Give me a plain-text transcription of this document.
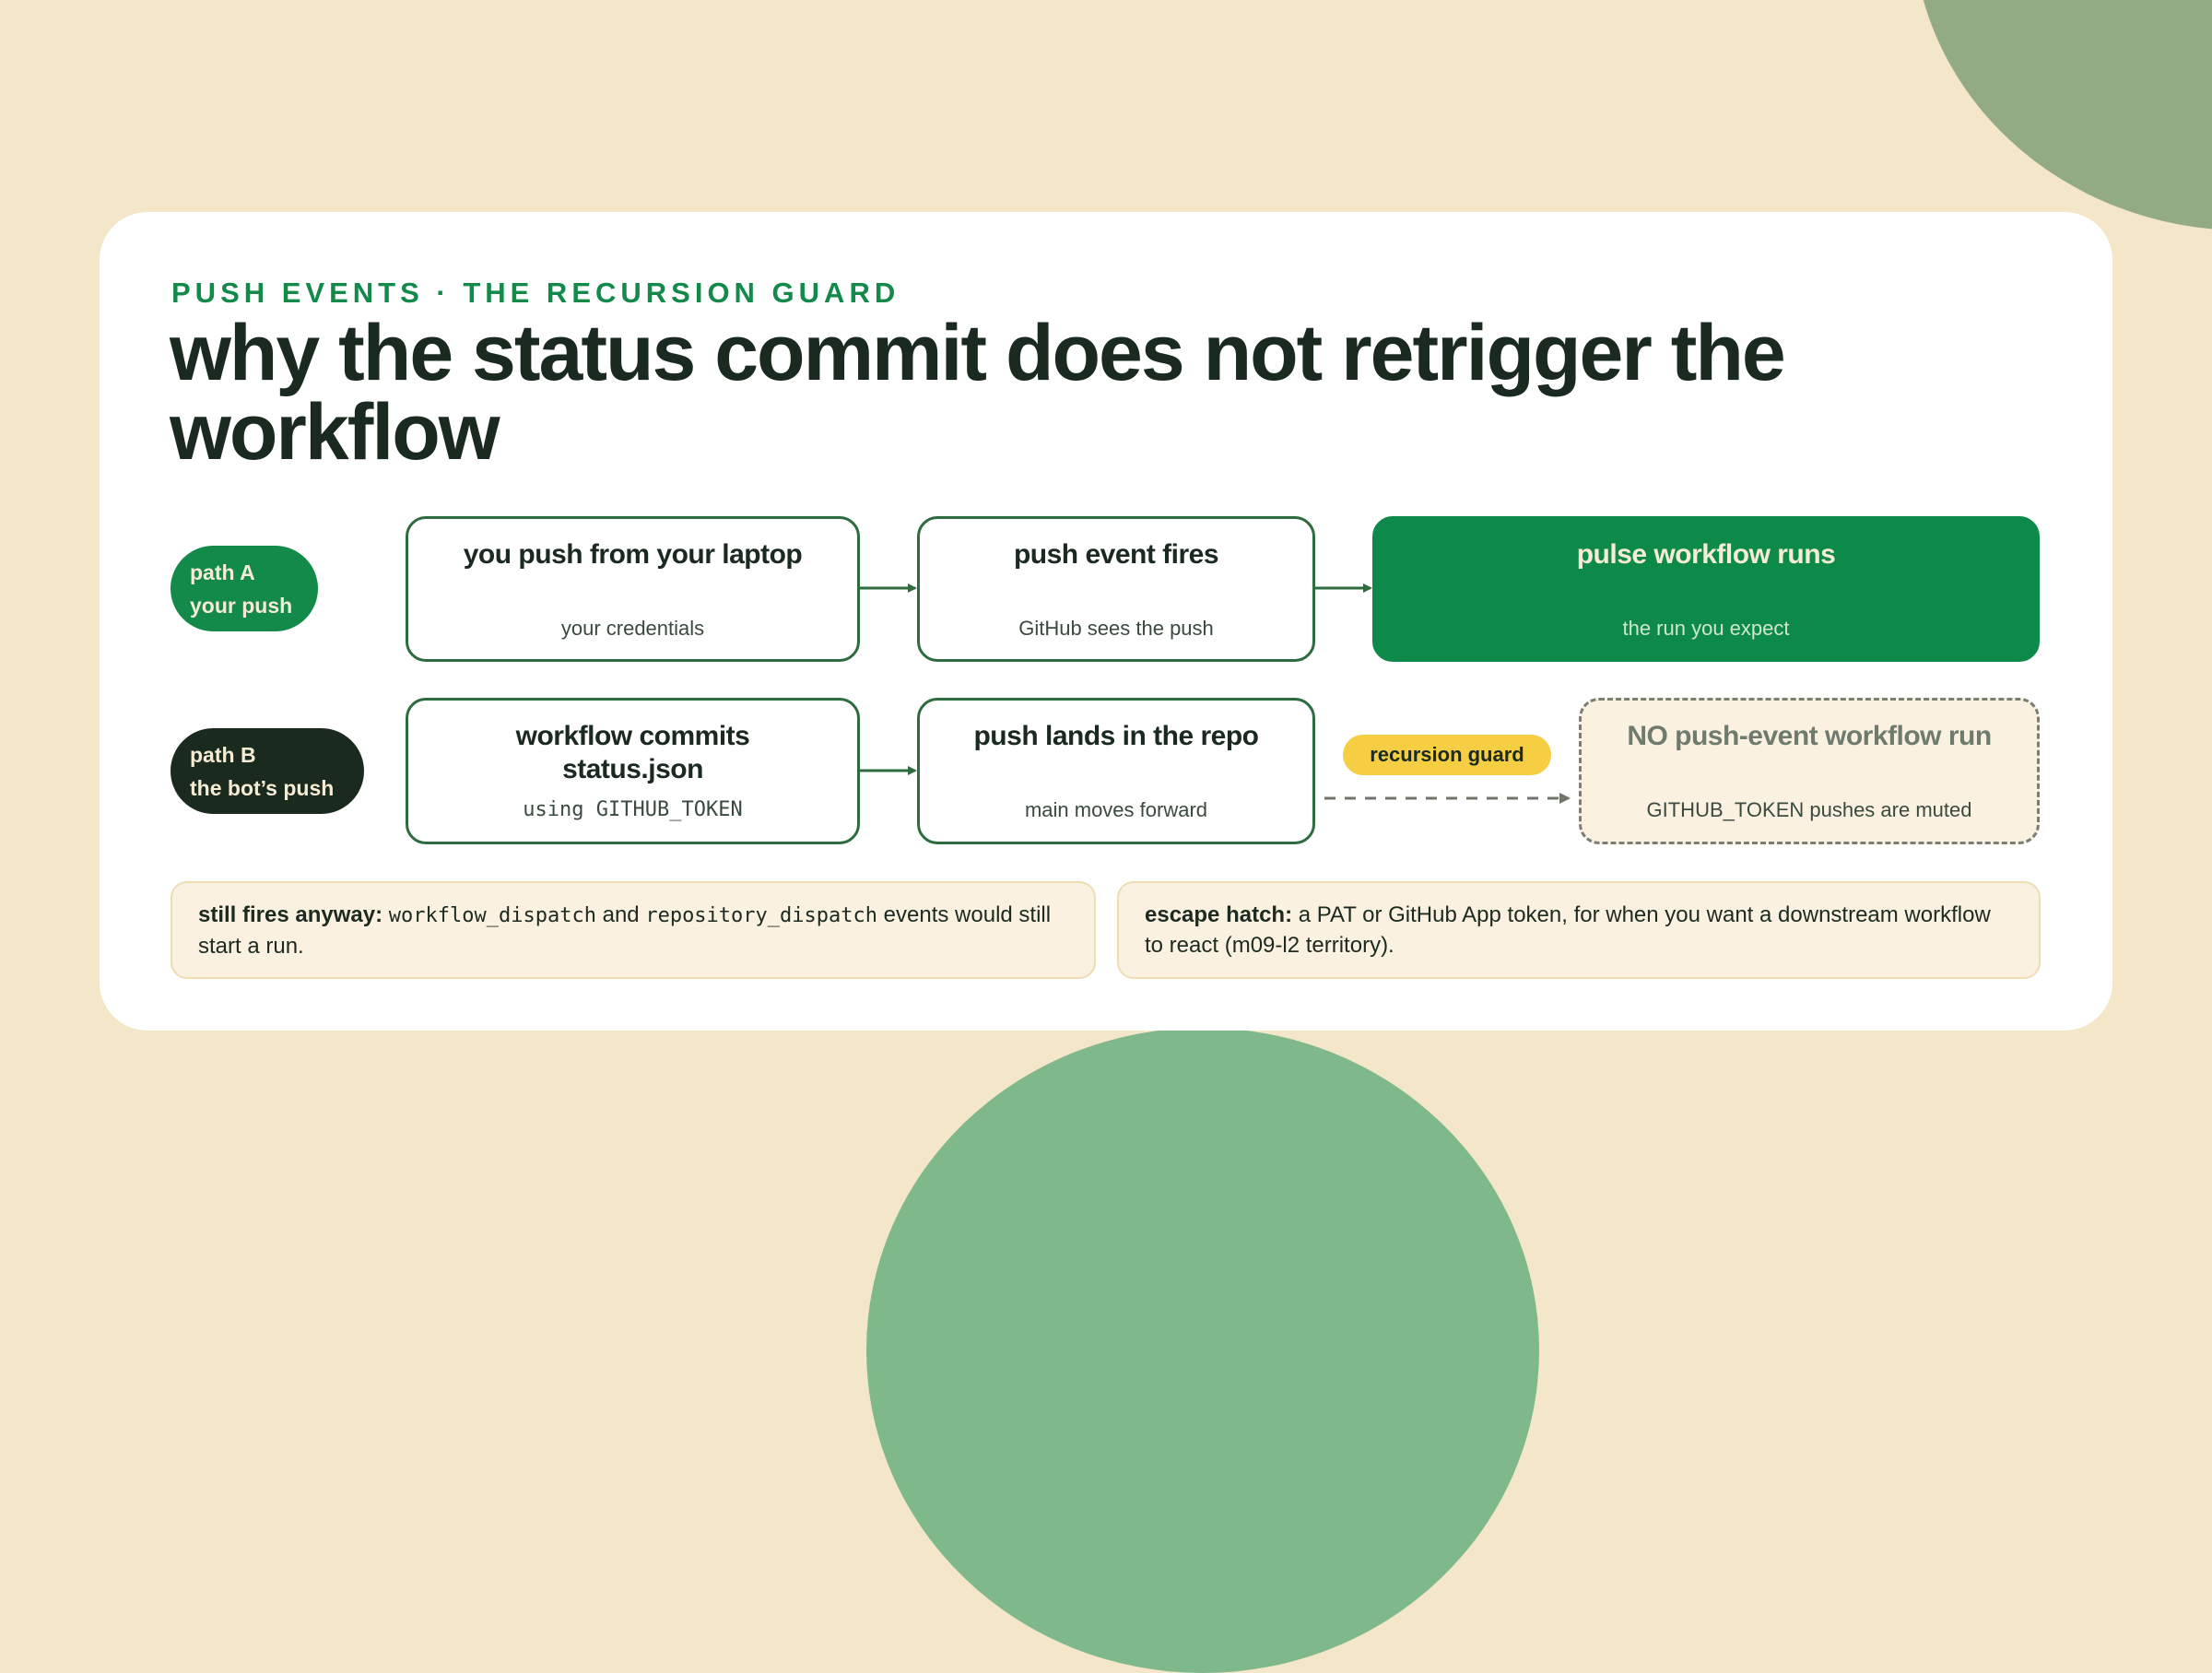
PUSH EVENTS · THE RECURSION GUARD
why the status commit does not retrigger the workflow
path A
your push
you push from your laptop
your credentials
push event fires
GitHub sees the push
pulse workflow runs
the run you expect
path B
the bot’s push
workflow commits
status.json
using GITHUB_TOKEN
push lands in the repo
main moves forward
NO push-event workflow run
GITHUB_TOKEN pushes are muted
recursion guard
still fires anyway: workflow_dispatch and repository_dispatch events would still start a run.
escape hatch: a PAT or GitHub App token, for when you want a downstream workflow to react (m09-l2 territory).
